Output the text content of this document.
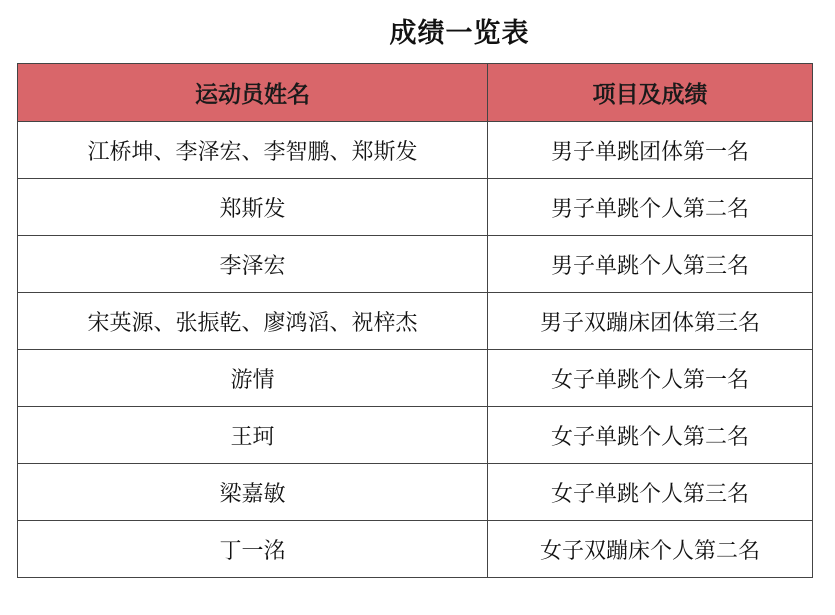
成绩一览表
运动员姓名	项目及成绩
江桥坤、李泽宏、李智鹏、郑斯发	男子单跳团体第一名
郑斯发	男子单跳个人第二名
李泽宏	男子单跳个人第三名
宋英源、张振乾、廖鸿滔、祝梓杰	男子双蹦床团体第三名
游情	女子单跳个人第一名
王珂	女子单跳个人第二名
梁嘉敏	女子单跳个人第三名
丁一洺	女子双蹦床个人第二名
